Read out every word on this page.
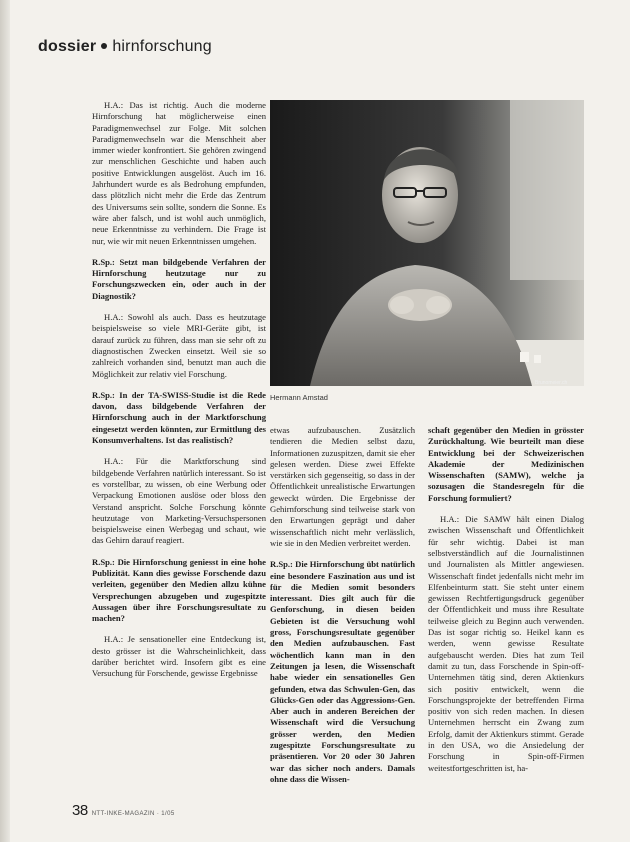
dossier hirnforschung

H.A.: Das ist richtig. Auch die moderne Hirnforschung hat möglicherweise einen Paradigmenwechsel zur Folge. Mit solchen Paradigmenwechseln war die Menschheit aber immer wieder konfrontiert. Sie gehören zwingend zur menschlichen Geschichte und haben auch positive Entwicklungen ausgelöst. Auch im 16. Jahrhundert wurde es als Bedrohung empfunden, dass plötzlich nicht mehr die Erde das Zentrum des Universums sein sollte, sondern die Sonne. Es wäre aber falsch, und ist wohl auch unmöglich, neue Erkenntnisse zu verhindern. Die Frage ist nur, wie wir mit neuen Erkenntnissen umgehen.

R.Sp.: Setzt man bildgebende Verfahren der Hirnforschung heutzutage nur zu Forschungszwecken ein, oder auch in der Diagnostik?

H.A.: Sowohl als auch. Dass es heutzutage beispielsweise so viele MRI-Geräte gibt, ist darauf zurück zu führen, dass man sie sehr oft zu diagnostischen Zwecken einsetzt. Weil sie so zahlreich vorhanden sind, benutzt man auch die Möglichkeit zur relativ viel Forschung.

R.Sp.: In der TA-SWISS-Studie ist die Rede davon, dass bildgebende Verfahren der Hirnforschung auch in der Marktforschung eingesetzt werden könnten, zur Ermittlung des Konsumverhaltens. Ist das realistisch?

H.A.: Für die Marktforschung sind bildgebende Verfahren natürlich interessant. So ist es vorstellbar, zu wissen, ob eine Werbung oder Verpackung Emotionen auslöse oder bloss den Verstand anspricht. Solche Forschung könnte heutzutage von Marketing-Versuchspersonen beispielsweise einen Werbegag und schaut, wie das Gehirn darauf reagiert.

R.Sp.: Die Hirnforschung geniesst in eine hohe Publizität. Kann dies gewisse Forschende dazu verleiten, gegenüber den Medien allzu kühne Versprechungen abzugeben und zugespitzte Aussagen über ihre Forschungsresultate zu machen?

H.A.: Je sensationeller eine Entdeckung ist, desto grösser ist die Wahrscheinlichkeit, dass darüber berichtet wird. Insofern gibt es eine Versuchung für Forschende, gewisse Ergebnisse

Brunomeier.ch
Hermann Amstad

etwas aufzubauschen. Zusätzlich tendieren die Medien selbst dazu, Informationen zuzuspitzen, damit sie eher gelesen werden. Diese zwei Effekte verstärken sich gegenseitig, so dass in der Öffentlichkeit unrealistische Erwartungen geweckt würden. Die Ergebnisse der Gehirnforschung sind teilweise stark von den Erwartungen geprägt und daher wissenschaftlich nicht mehr verlässlich, wie sie in den Medien verbreitet werden.

R.Sp.: Die Hirnforschung übt natürlich eine besondere Faszination aus und ist für die Medien somit besonders interessant. Dies gilt auch für die Genforschung, in diesen beiden Gebieten ist die Versuchung wohl gross, Forschungsresultate gegenüber den Medien aufzubauschen. Fast wöchentlich kann man in den Zeitungen ja lesen, die Wissenschaft habe wieder ein sensationelles Gen gefunden, etwa das Schwulen-Gen, das Glücks-Gen oder das Aggressions-Gen. Aber auch in anderen Bereichen der Wissenschaft wird die Versuchung grösser werden, den Medien zugespitzte Forschungsresultate zu präsentieren. Vor 20 oder 30 Jahren war das sicher noch anders. Damals ohne dass die Wissen-

schaft gegenüber den Medien in grösster Zurückhaltung. Wie beurteilt man diese Entwicklung bei der Schweizerischen Akademie der Medizinischen Wissenschaften (SAMW), welche ja sozusagen die Standesregeln für die Forschung formuliert?

H.A.: Die SAMW hält einen Dialog zwischen Wissenschaft und Öffentlichkeit für sehr wichtig. Dabei ist man selbstverständlich auf die Journalistinnen und Journalisten als Mittler angewiesen. Wissenschaft findet jedenfalls nicht mehr im Elfenbeinturm statt. Sie steht unter einem gewissen Rechtfertigungsdruck gegenüber der Öffentlichkeit und muss ihre Resultate teilweise gleich zu Beginn auch verwenden. Das ist sogar richtig so. Heikel kann es werden, wenn gewisse Resultate aufgebauscht werden. Dies hat zum Teil damit zu tun, dass Forschende in Spin-off-Unternehmen tätig sind, deren Aktienkurs sich positiv entwickelt, wenn die Forschungsprojekte der betreffenden Firma positiv von sich reden machen. In diesen Unternehmen herrscht ein Zwang zum Erfolg, damit der Aktienkurs stimmt. Gerade in den USA, wo die Ansiedelung der Forschung in Spin-off-Firmen weitestfortgeschritten ist, ha-

38 NTT-INKE-MAGAZIN · 1/05
